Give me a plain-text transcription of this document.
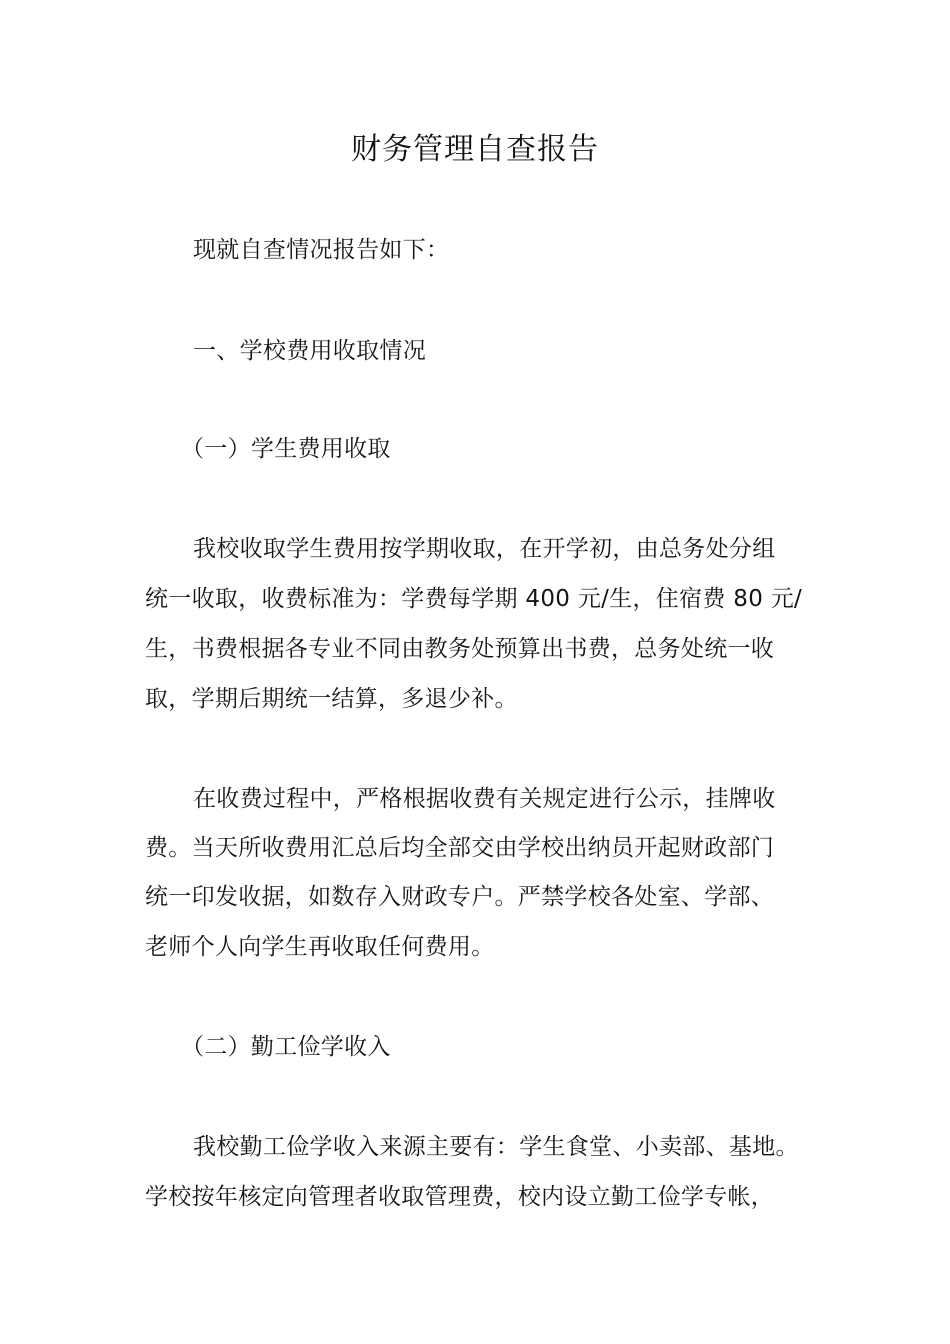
财务管理自查报告
现就自查情况报告如下：
一、学校费用收取情况
（一）学生费用收取
我校收取学生费用按学期收取，在开学初，由总务处分组
统一收取，收费标准为：学费每学期 400 元/生，住宿费 80 元/
生，书费根据各专业不同由教务处预算出书费，总务处统一收
取，学期后期统一结算，多退少补。
在收费过程中，严格根据收费有关规定进行公示，挂牌收
费。当天所收费用汇总后均全部交由学校出纳员开起财政部门
统一印发收据，如数存入财政专户。严禁学校各处室、学部、
老师个人向学生再收取任何费用。
（二）勤工俭学收入
我校勤工俭学收入来源主要有：学生食堂、小卖部、基地。
学校按年核定向管理者收取管理费，校内设立勤工俭学专帐，
